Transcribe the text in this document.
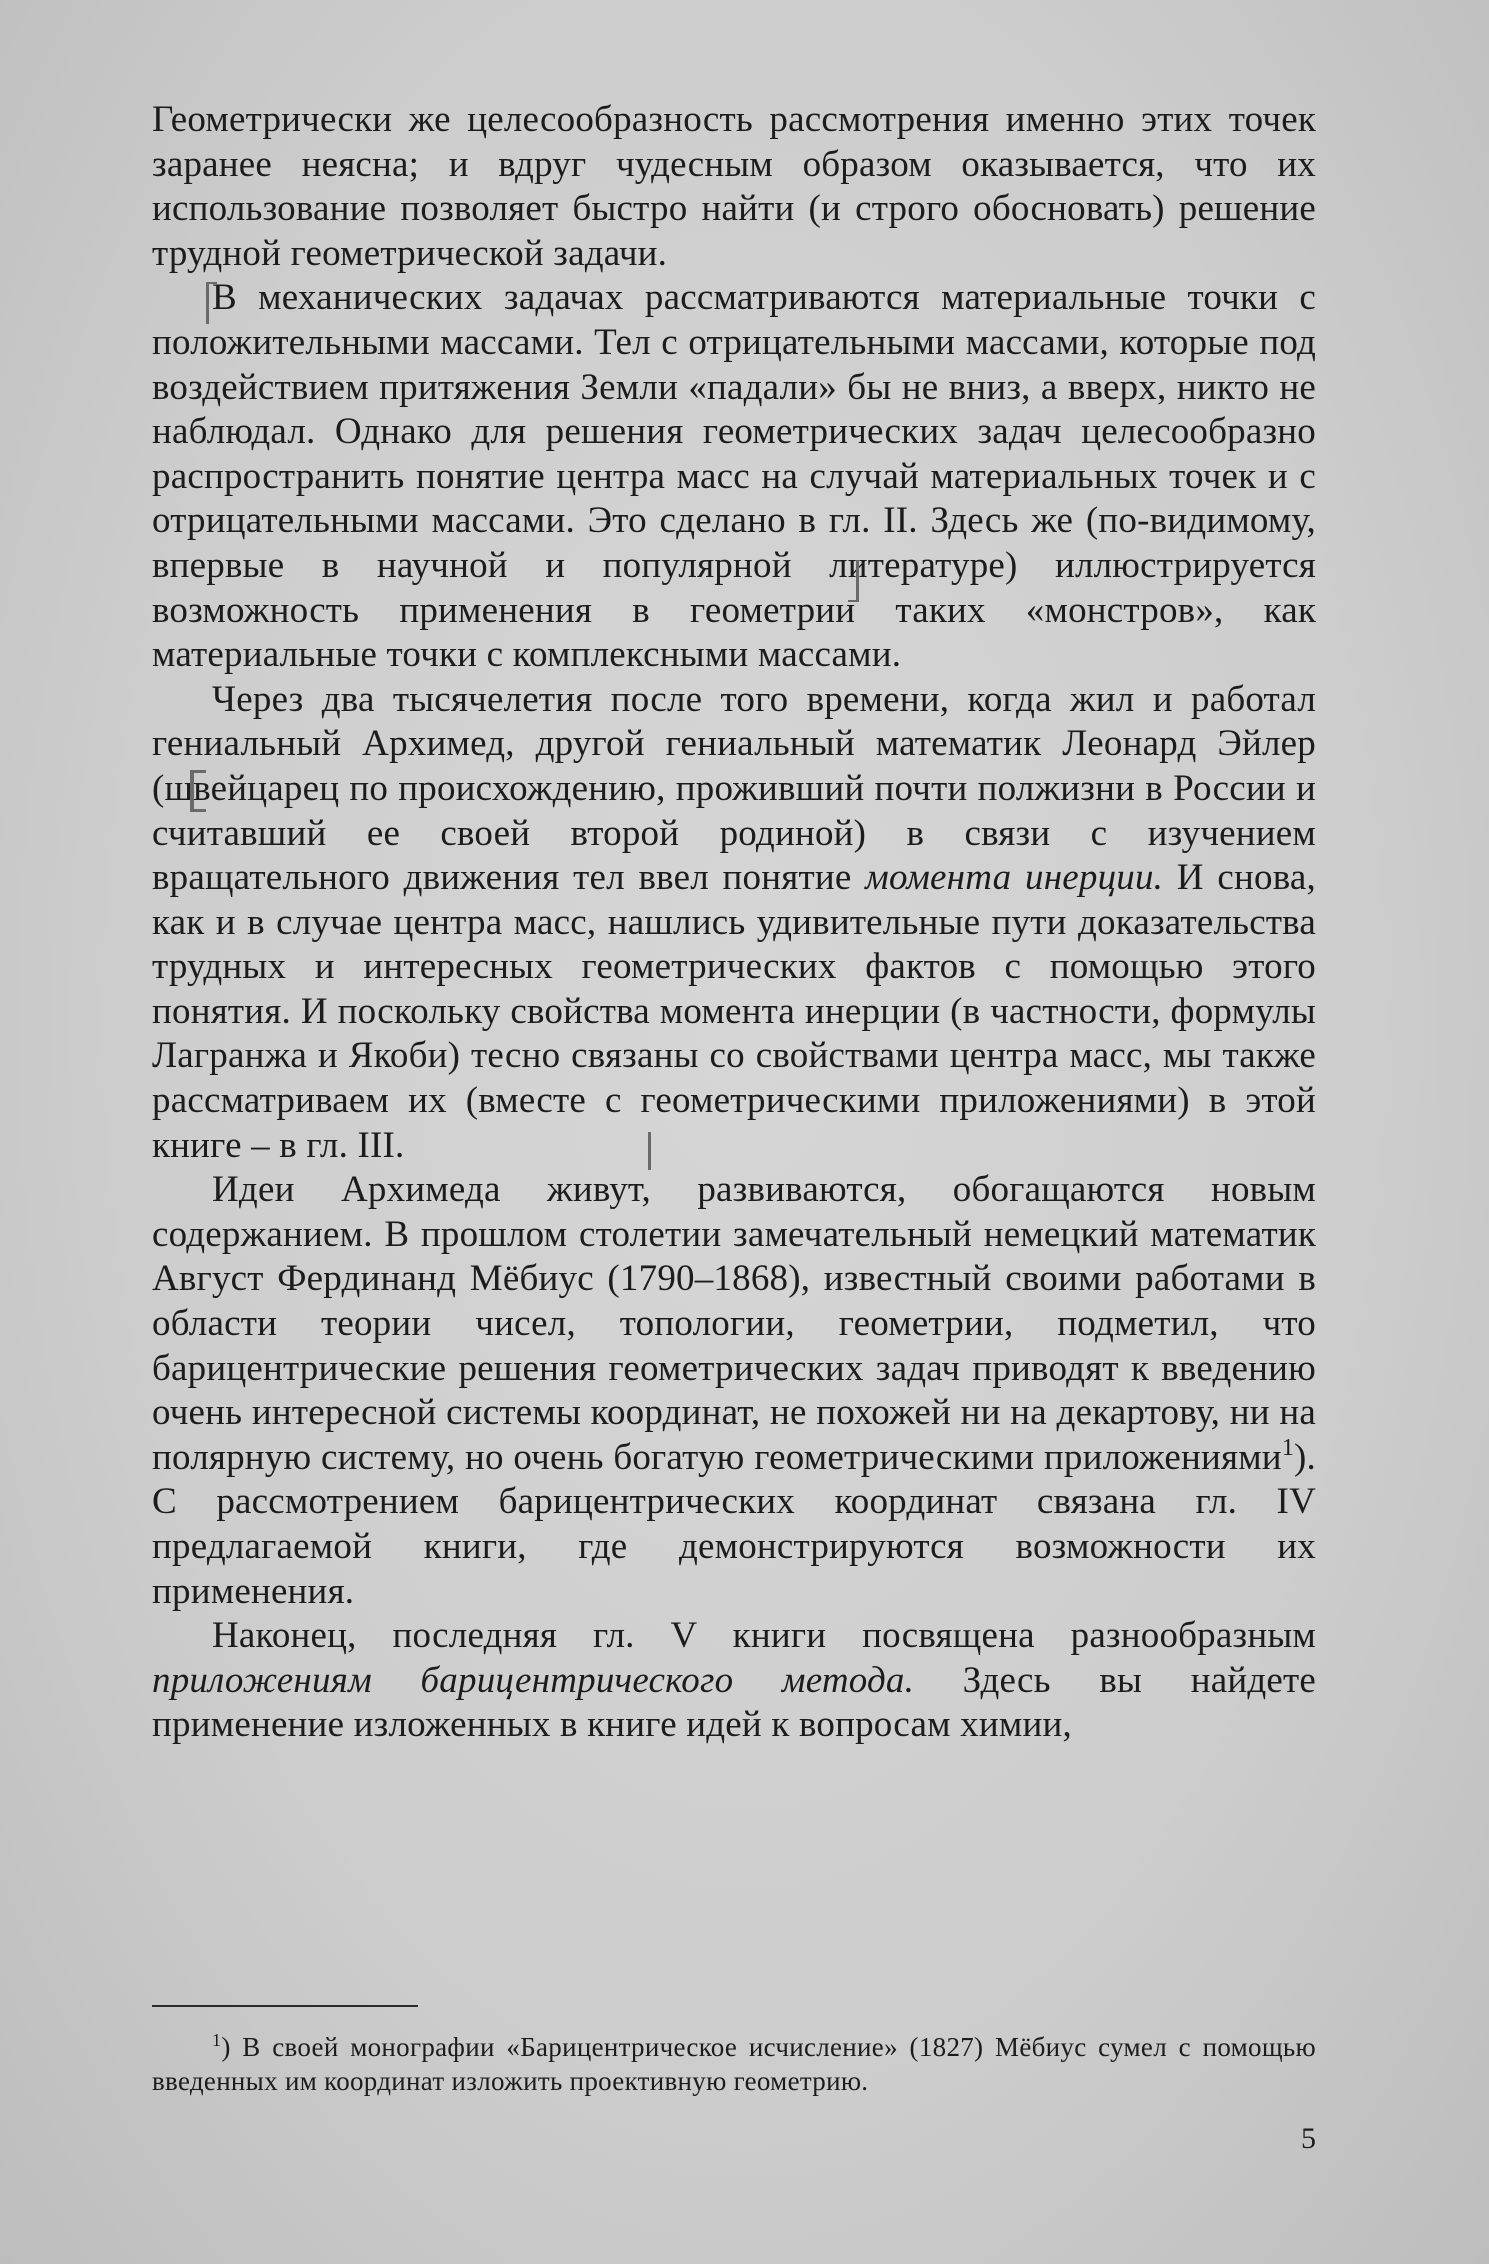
Геометрически же целесообразность рассмотрения именно этих точек заранее неясна; и вдруг чудесным образом оказывается, что их использование позволяет быстро найти (и строго обосновать) решение трудной геометрической задачи.

В механических задачах рассматриваются материальные точки с положительными массами. Тел с отрицательными массами, которые под воздействием притяжения Земли «падали» бы не вниз, а вверх, никто не наблюдал. Однако для решения геометрических задач целесообразно распространить понятие центра масс на случай материальных точек и с отрицательными массами. Это сделано в гл. II. Здесь же (по-видимому, впервые в научной и популярной литературе) иллюстрируется возможность применения в геометрии таких «монстров», как материальные точки с комплексными массами.

Через два тысячелетия после того времени, когда жил и работал гениальный Архимед, другой гениальный математик Леонард Эйлер (швейцарец по происхождению, проживший почти полжизни в России и считавший ее своей второй родиной) в связи с изучением вращательного движения тел ввел понятие момента инерции. И снова, как и в случае центра масс, нашлись удивительные пути доказательства трудных и интересных геометрических фактов с помощью этого понятия. И поскольку свойства момента инерции (в частности, формулы Лагранжа и Якоби) тесно связаны со свойствами центра масс, мы также рассматриваем их (вместе с геометрическими приложениями) в этой книге – в гл. III.

Идеи Архимеда живут, развиваются, обогащаются новым содержанием. В прошлом столетии замечательный немецкий математик Август Фердинанд Мёбиус (1790–1868), известный своими работами в области теории чисел, топологии, геометрии, подметил, что барицентрические решения геометрических задач приводят к введению очень интересной системы координат, не похожей ни на декартову, ни на полярную систему, но очень богатую геометрическими приложениями$^1$). С рассмотрением барицентрических координат связана гл. IV предлагаемой книги, где демонстрируются возможности их применения.

Наконец, последняя гл. V книги посвящена разнообразным приложениям барицентрического метода. Здесь вы найдете применение изложенных в книге идей к вопросам химии,

$^1$) В своей монографии «Барицентрическое исчисление» (1827) Мёбиус сумел с помощью введенных им координат изложить проективную геометрию.

5
